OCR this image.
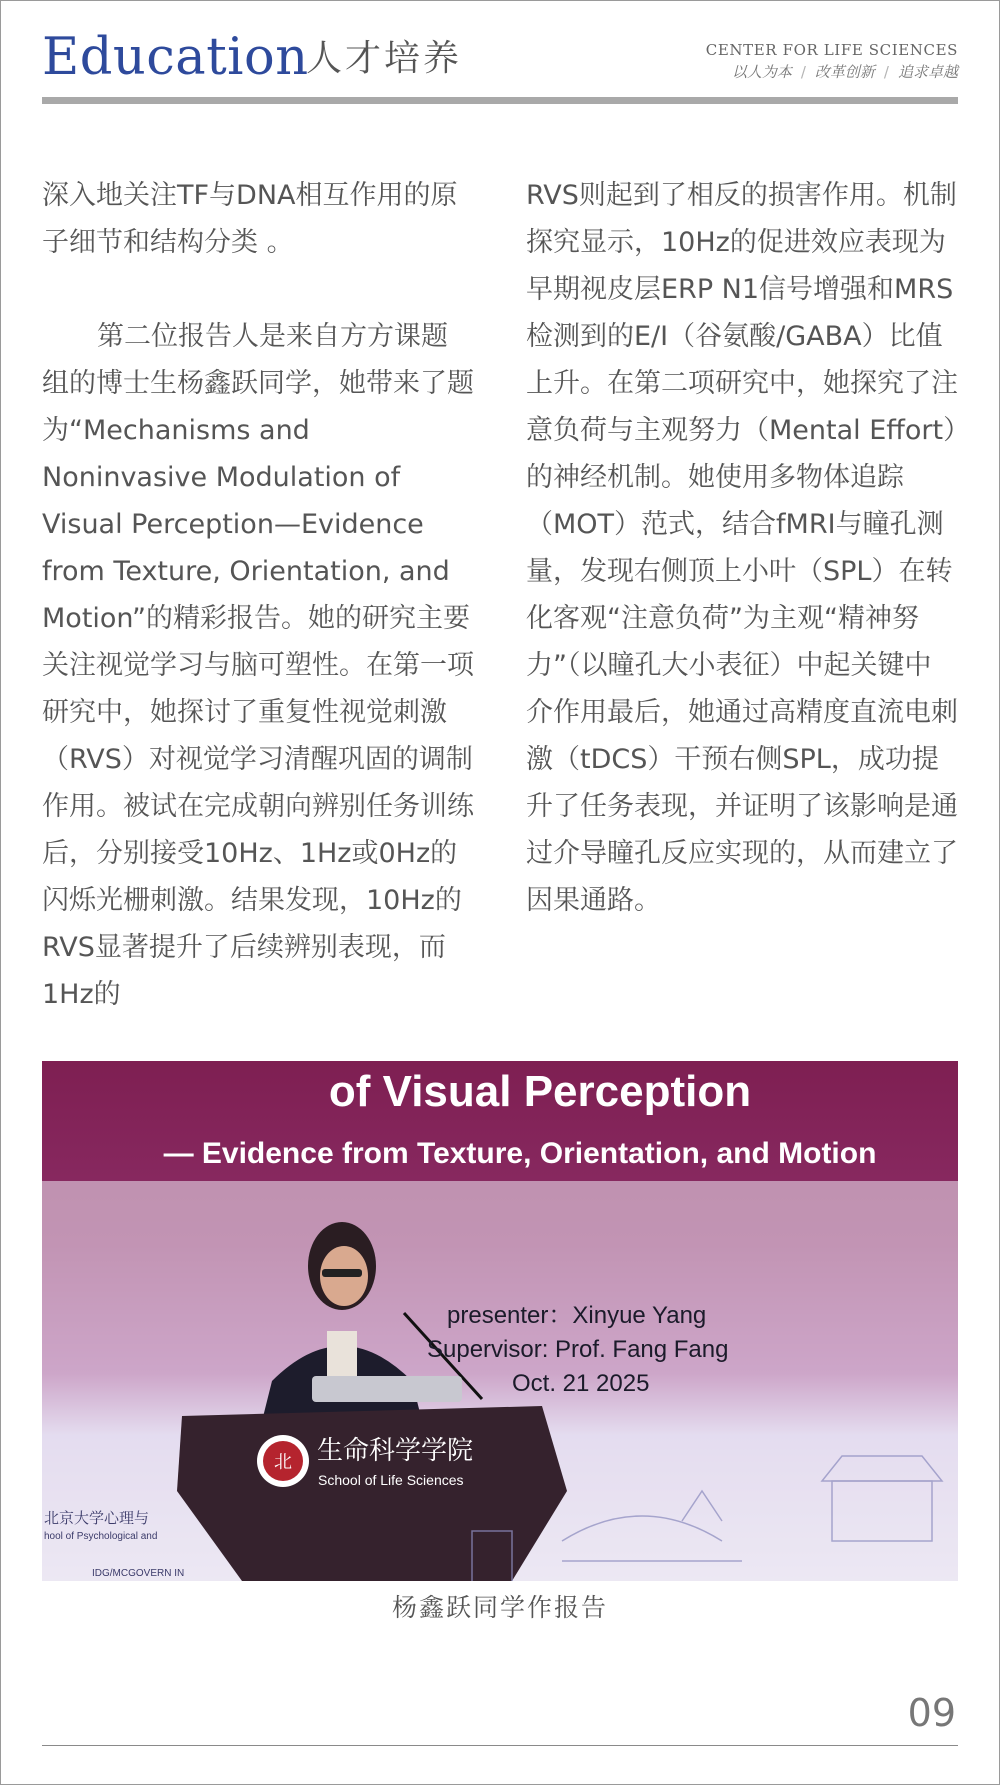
Education
人才培养	CENTER FOR LIFE SCIENCES
以人为本 / 改革创新 / 追求卓越

深入地关注TF与DNA相互作用的原子细节和结构分类 。

第二位报告人是来自方方课题组的博士生杨鑫跃同学，她带来了题为“Mechanisms and Noninvasive Modulation of Visual Perception—Evidence from Texture, Orientation, and Motion”的精彩报告。她的研究主要关注视觉学习与脑可塑性。在第一项研究中，她探讨了重复性视觉刺激（RVS）对视觉学习清醒巩固的调制作用。被试在完成朝向辨别任务训练后，分别接受10Hz、1Hz或0Hz的闪烁光栅刺激。结果发现，10Hz的RVS显著提升了后续辨别表现，而1Hz的

RVS则起到了相反的损害作用。机制探究显示，10Hz的促进效应表现为早期视皮层ERP N1信号增强和MRS检测到的E/I（谷氨酸/GABA）比值上升。在第二项研究中，她探究了注意负荷与主观努力（Mental Effort）的神经机制。她使用多物体追踪（MOT）范式，结合fMRI与瞳孔测量，发现右侧顶上小叶（SPL）在转化客观“注意负荷”为主观“精神努力”（以瞳孔大小表征）中起关键中介作用最后，她通过高精度直流电刺激（tDCS）干预右侧SPL，成功提升了任务表现，并证明了该影响是通过介导瞳孔反应实现的，从而建立了因果通路。

北 生命科学学院
School of Life Sciences
北京大学心理与
hool of Psychological and
IDG/MCGOVERN IN
of Visual Perception
— Evidence from Texture, Orientation, and Motion
presenter：Xinyue Yang
Supervisor: Prof. Fang Fang
Oct. 21 2025
杨鑫跃同学作报告
09
